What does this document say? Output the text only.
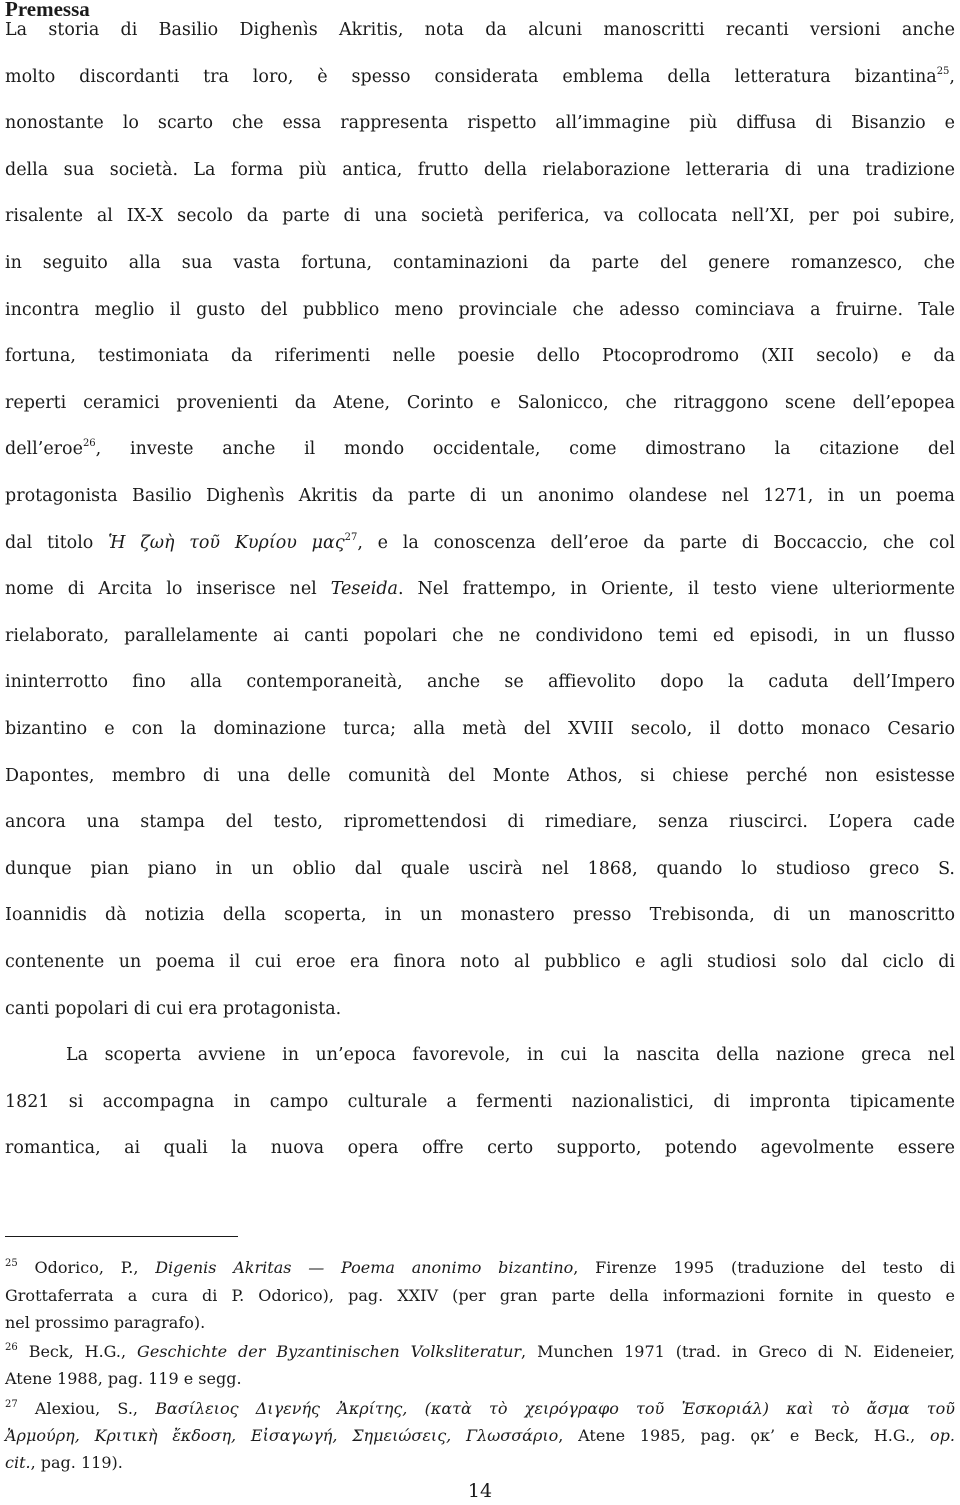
Premessa
La storia di Basilio Dighenìs Akritis, nota da alcuni manoscritti recanti versioni anche
molto discordanti tra loro, è spesso considerata emblema della letteratura bizantina$^{25}$,
nonostante lo scarto che essa rappresenta rispetto all’immagine più diffusa di Bisanzio e
della sua società. La forma più antica, frutto della rielaborazione letteraria di una tradizione
risalente al IX-X secolo da parte di una società periferica, va collocata nell’XI, per poi subire,
in seguito alla sua vasta fortuna, contaminazioni da parte del genere romanzesco, che
incontra meglio il gusto del pubblico meno provinciale che adesso cominciava a fruirne. Tale
fortuna, testimoniata da riferimenti nelle poesie dello Ptocoprodromo (XII secolo) e da
reperti ceramici provenienti da Atene, Corinto e Salonicco, che ritraggono scene dell’epopea
dell’eroe$^{26}$, investe anche il mondo occidentale, come dimostrano la citazione del
protagonista Basilio Dighenìs Akritis da parte di un anonimo olandese nel 1271, in un poema
dal titolo Ἡ ζωὴ τοῦ Κυρίου μας$^{27}$, e la conoscenza dell’eroe da parte di Boccaccio, che col
nome di Arcita lo inserisce nel Teseida. Nel frattempo, in Oriente, il testo viene ulteriormente
rielaborato, parallelamente ai canti popolari che ne condividono temi ed episodi, in un flusso
ininterrotto fino alla contemporaneità, anche se affievolito dopo la caduta dell’Impero
bizantino e con la dominazione turca; alla metà del XVIII secolo, il dotto monaco Cesario
Dapontes, membro di una delle comunità del Monte Athos, si chiese perché non esistesse
ancora una stampa del testo, ripromettendosi di rimediare, senza riuscirci. L’opera cade
dunque pian piano in un oblio dal quale uscirà nel 1868, quando lo studioso greco S.
Ioannidis dà notizia della scoperta, in un monastero presso Trebisonda, di un manoscritto
contenente un poema il cui eroe era finora noto al pubblico e agli studiosi solo dal ciclo di
canti popolari di cui era protagonista.
La scoperta avviene in un’epoca favorevole, in cui la nascita della nazione greca nel
1821 si accompagna in campo culturale a fermenti nazionalistici, di impronta tipicamente
romantica, ai quali la nuova opera offre certo supporto, potendo agevolmente essere
$^{25}$ Odorico, P., Digenis Akritas — Poema anonimo bizantino, Firenze 1995 (traduzione del testo di
Grottaferrata a cura di P. Odorico), pag. XXIV (per gran parte della informazioni fornite in questo e
nel prossimo paragrafo).
$^{26}$ Beck, H.G., Geschichte der Byzantinischen Volksliteratur, Munchen 1971 (trad. in Greco di N. Eideneier,
Atene 1988, pag. 119 e segg.
$^{27}$ Alexiou, S., Βασίλειος Διγενής Ἀκρίτης, (κατὰ τὸ χειρόγραφο τοῦ Ἐσκοριάλ) καὶ τὸ ἄσμα τοῦ
Ἀρμούρη, Κριτικὴ ἔκδοση, Εἰσαγωγή, Σημειώσεις, Γλωσσάριο, Atene 1985, pag. ϙκ’ e Beck, H.G., op.
cit., pag. 119).
14
